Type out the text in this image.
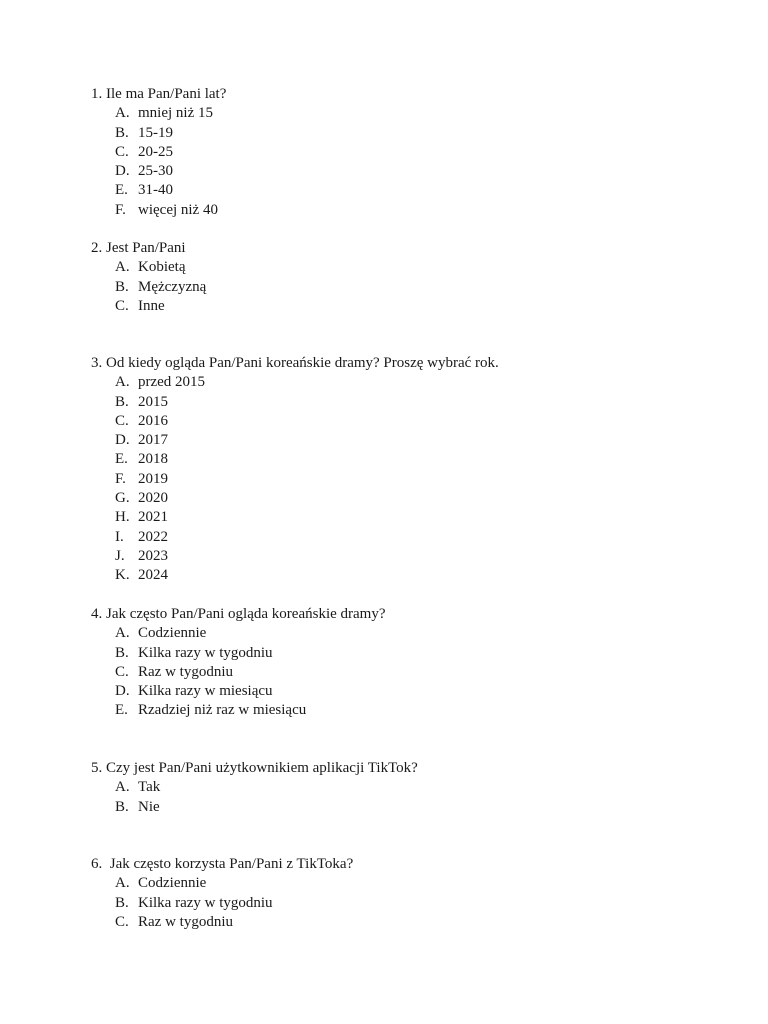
1. Ile ma Pan/Pani lat?
A. mniej niż 15
B. 15-19
C. 20-25
D. 25-30
E. 31-40
F. więcej niż 40
2. Jest Pan/Pani
A. Kobietą
B. Mężczyzną
C. Inne
3. Od kiedy ogląda Pan/Pani koreańskie dramy? Proszę wybrać rok.
A. przed 2015
B. 2015
C. 2016
D. 2017
E. 2018
F. 2019
G. 2020
H. 2021
I. 2022
J. 2023
K. 2024
4. Jak często Pan/Pani ogląda koreańskie dramy?
A. Codziennie
B. Kilka razy w tygodniu
C. Raz w tygodniu
D. Kilka razy w miesiącu
E. Rzadziej niż raz w miesiącu
5. Czy jest Pan/Pani użytkownikiem aplikacji TikTok?
A. Tak
B. Nie
6.  Jak często korzysta Pan/Pani z TikToka?
A. Codziennie
B. Kilka razy w tygodniu
C. Raz w tygodniu
